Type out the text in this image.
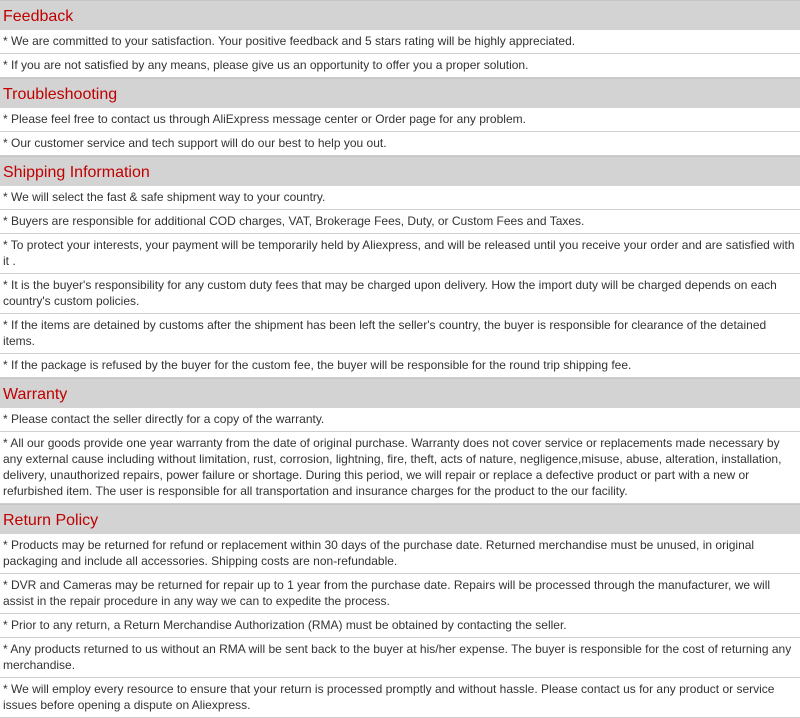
Feedback
* We are committed to your satisfaction. Your positive feedback and 5 stars rating will be highly appreciated.
* If you are not satisfied by any means, please give us an opportunity to offer you a proper solution.
Troubleshooting
* Please feel free to contact us through AliExpress message center or Order page for any problem.
* Our customer service and tech support will do our best to help you out.
Shipping Information
* We will select the fast & safe shipment way to your country.
* Buyers are responsible for additional COD charges, VAT, Brokerage Fees, Duty, or Custom Fees and Taxes.
* To protect your interests, your payment will be temporarily held by Aliexpress, and will be released until you receive your order and are satisfied with it .
* It is the buyer's responsibility for any custom duty fees that may be charged upon delivery. How the import duty will be charged depends on each country's custom policies.
* If the items are detained by customs after the shipment has been left the seller's country, the buyer is responsible for clearance of the detained items.
* If the package is refused by the buyer for the custom fee, the buyer will be responsible for the round trip shipping fee.
Warranty
* Please contact the seller directly for a copy of the warranty.
* All our goods provide one year warranty from the date of original purchase. Warranty does not cover service or replacements made necessary by any external cause including without limitation, rust, corrosion, lightning, fire, theft, acts of nature, negligence,misuse, abuse, alteration, installation, delivery, unauthorized repairs, power failure or shortage. During this period, we will repair or replace a defective product or part with a new or refurbished item. The user is responsible for all transportation and insurance charges for the product to the our facility.
Return Policy
* Products may be returned for refund or replacement within 30 days of the purchase date. Returned merchandise must be unused, in original packaging and include all accessories. Shipping costs are non-refundable.
* DVR and Cameras may be returned for repair up to 1 year from the purchase date. Repairs will be processed through the manufacturer, we will assist in the repair procedure in any way we can to expedite the process.
* Prior to any return, a Return Merchandise Authorization (RMA) must be obtained by contacting the seller.
* Any products returned to us without an RMA will be sent back to the buyer at his/her expense. The buyer is responsible for the cost of returning any merchandise.
* We will employ every resource to ensure that your return is processed promptly and without hassle. Please contact us for any product or service issues before opening a dispute on Aliexpress.
